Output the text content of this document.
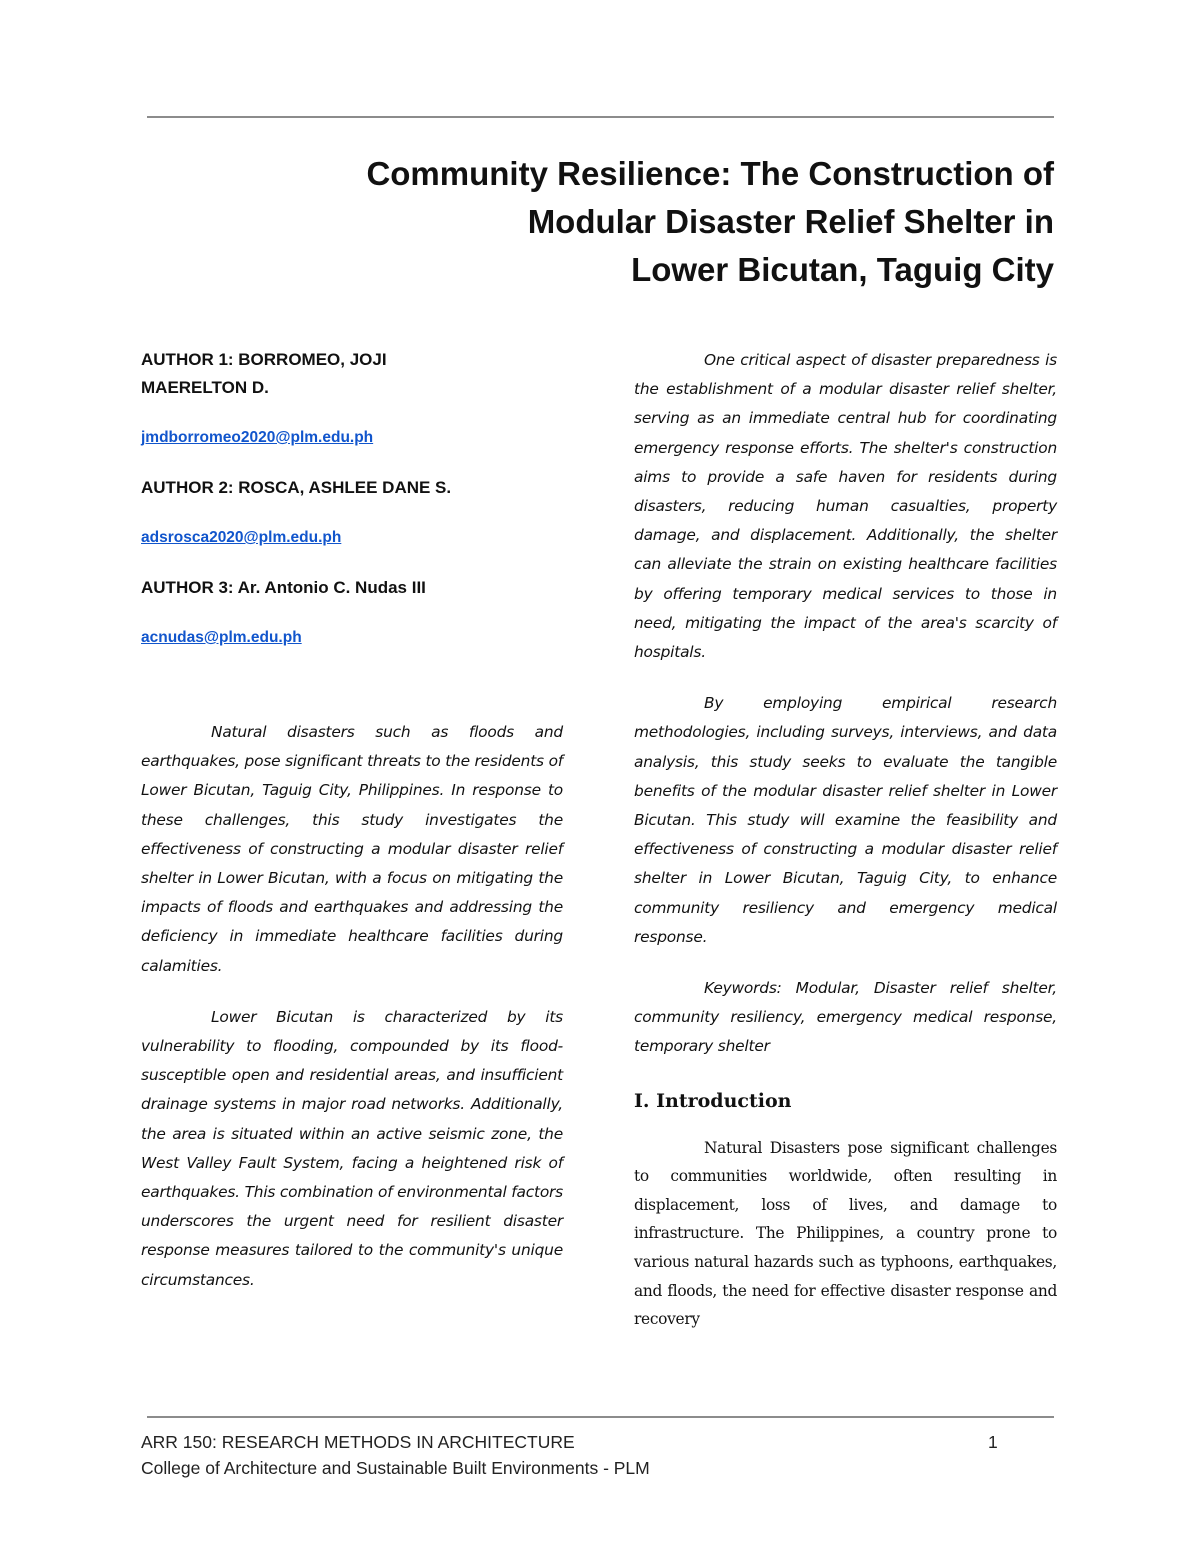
Community Resilience: The Construction of
Modular Disaster Relief Shelter in
Lower Bicutan, Taguig City

AUTHOR 1: BORROMEO, JOJI
MAERELTON D.

jmdborromeo2020@plm.edu.ph

AUTHOR 2: ROSCA, ASHLEE DANE S.

adsrosca2020@plm.edu.ph

AUTHOR 3: Ar. Antonio C. Nudas III

acnudas@plm.edu.ph

Natural disasters such as floods and earthquakes, pose significant threats to the residents of Lower Bicutan, Taguig City, Philippines. In response to these challenges, this study investigates the effectiveness of constructing a modular disaster relief shelter in Lower Bicutan, with a focus on mitigating the impacts of floods and earthquakes and addressing the deficiency in immediate healthcare facilities during calamities.

Lower Bicutan is characterized by its vulnerability to flooding, compounded by its flood-susceptible open and residential areas, and insufficient drainage systems in major road networks. Additionally, the area is situated within an active seismic zone, the West Valley Fault System, facing a heightened risk of earthquakes. This combination of environmental factors underscores the urgent need for resilient disaster response measures tailored to the community's unique circumstances.

One critical aspect of disaster preparedness is the establishment of a modular disaster relief shelter, serving as an immediate central hub for coordinating emergency response efforts. The shelter's construction aims to provide a safe haven for residents during disasters, reducing human casualties, property damage, and displacement. Additionally, the shelter can alleviate the strain on existing healthcare facilities by offering temporary medical services to those in need, mitigating the impact of the area's scarcity of hospitals.

By employing empirical research methodologies, including surveys, interviews, and data analysis, this study seeks to evaluate the tangible benefits of the modular disaster relief shelter in Lower Bicutan. This study will examine the feasibility and effectiveness of constructing a modular disaster relief shelter in Lower Bicutan, Taguig City, to enhance community resiliency and emergency medical response.

Keywords: Modular, Disaster relief shelter, community resiliency, emergency medical response, temporary shelter

I. Introduction

Natural Disasters pose significant challenges to communities worldwide, often resulting in displacement, loss of lives, and damage to infrastructure. The Philippines, a country prone to various natural hazards such as typhoons, earthquakes, and floods, the need for effective disaster response and recovery

ARR 150: RESEARCH METHODS IN ARCHITECTURE	1
College of Architecture and Sustainable Built Environments - PLM
